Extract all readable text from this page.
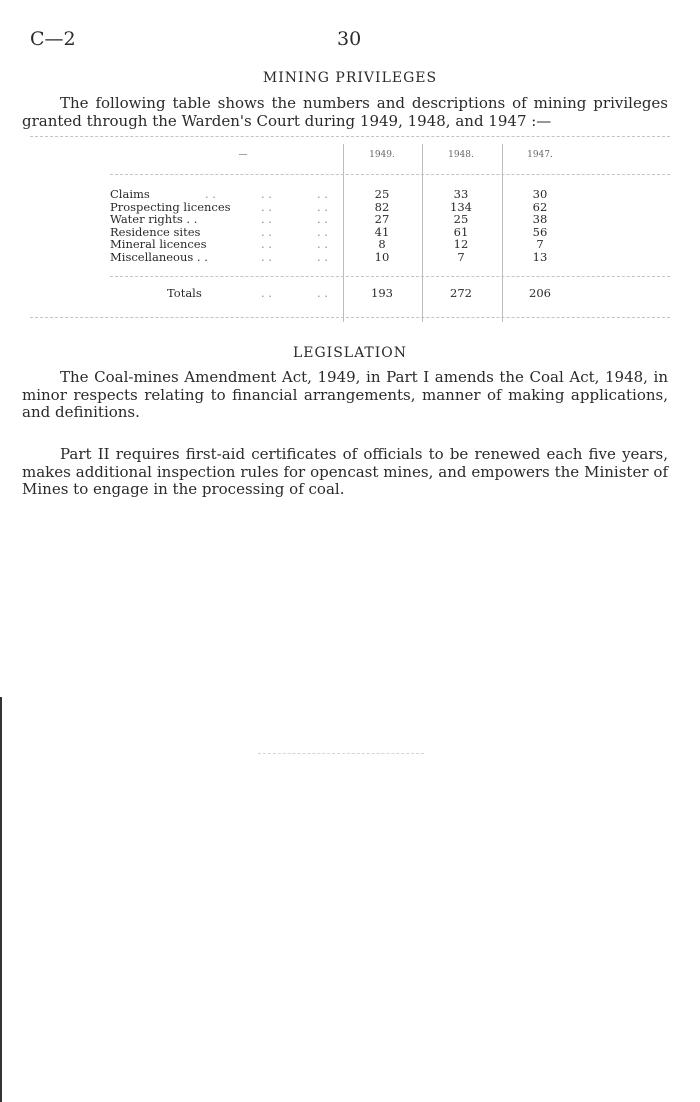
C—2	30
MINING PRIVILEGES
The following table shows the numbers and descriptions of mining privileges granted through the Warden's Court during 1949, 1948, and 1947 :—
—	1949.	1948.	1947.
Claims	. .	. .	. .	25	33	30
Prospecting licences	. .	. .	82	134	62
Water rights . .	. .	. .	27	25	38
Residence sites	. .	. .	41	61	56
Mineral licences	. .	. .	8	12	7
Miscellaneous . .	. .	. .	10	7	13
Totals	. .	. .	193	272	206
LEGISLATION
The Coal-mines Amendment Act, 1949, in Part I amends the Coal Act, 1948, in minor respects relating to financial arrangements, manner of making applications, and definitions.
Part II requires first-aid certificates of officials to be renewed each five years, makes additional inspection rules for opencast mines, and empowers the Minister of Mines to engage in the processing of coal.
